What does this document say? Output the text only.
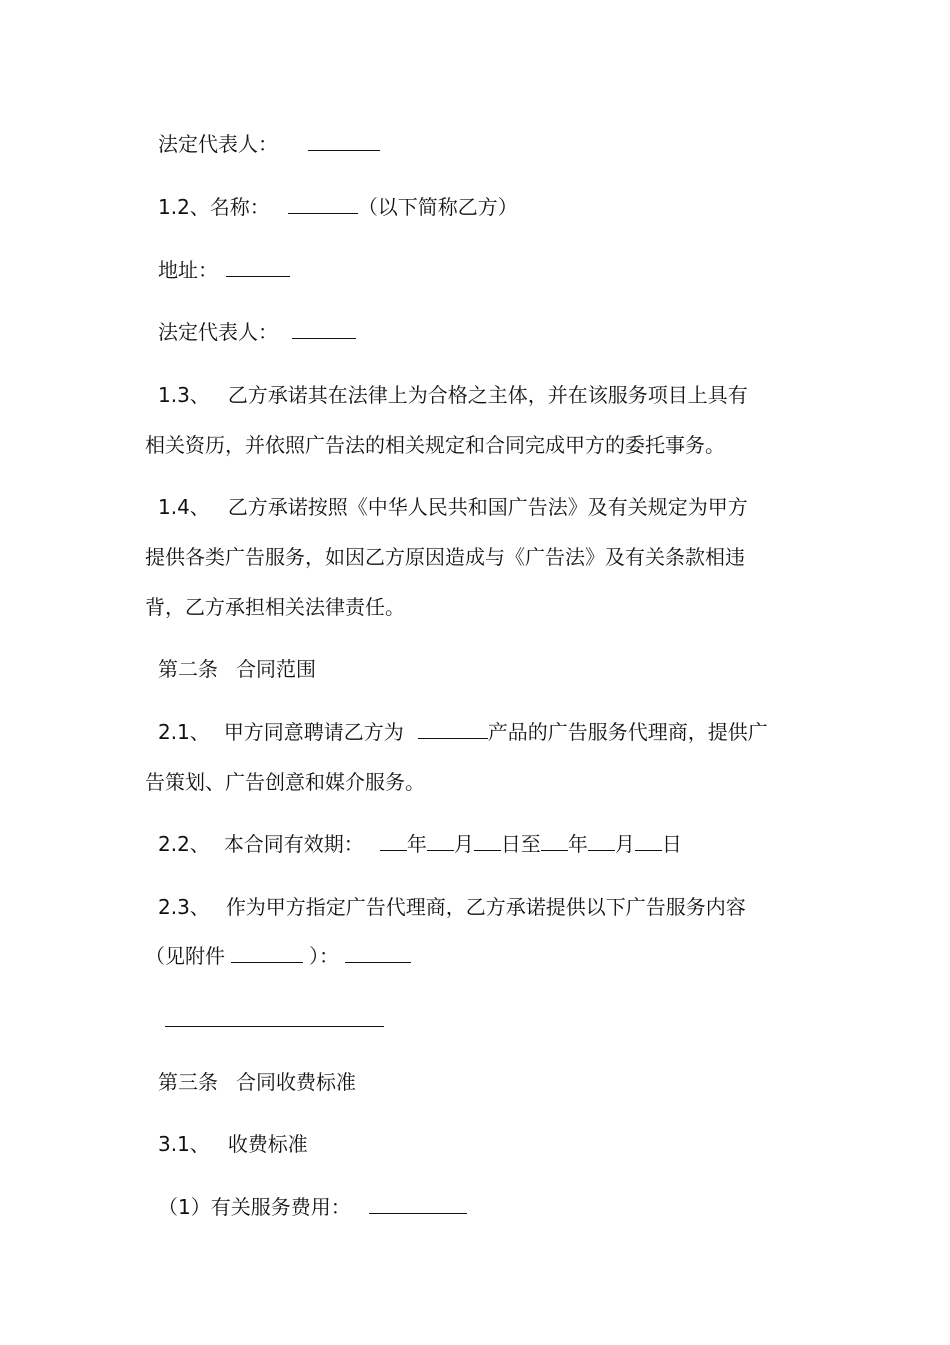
法定代表人：
1.2、名称：	（以下简称乙方）
地址：
法定代表人：
1.3、 乙方承诺其在法律上为合格之主体，并在该服务项目上具有
相关资历，并依照广告法的相关规定和合同完成甲方的委托事务。
1.4、 乙方承诺按照《中华人民共和国广告法》及有关规定为甲方
提供各类广告服务，如因乙方原因造成与《广告法》及有关条款相违
背，乙方承担相关法律责任。
第二条 合同范围
2.1、 甲方同意聘请乙方为	产品的广告服务代理商，提供广
告策划、广告创意和媒介服务。
2.2、 本合同有效期： 年 月 日至 年 月 日
2.3、 作为甲方指定广告代理商，乙方承诺提供以下广告服务内容
（见附件	）：
第三条 合同收费标准
3.1、 收费标准
（1）有关服务费用：
